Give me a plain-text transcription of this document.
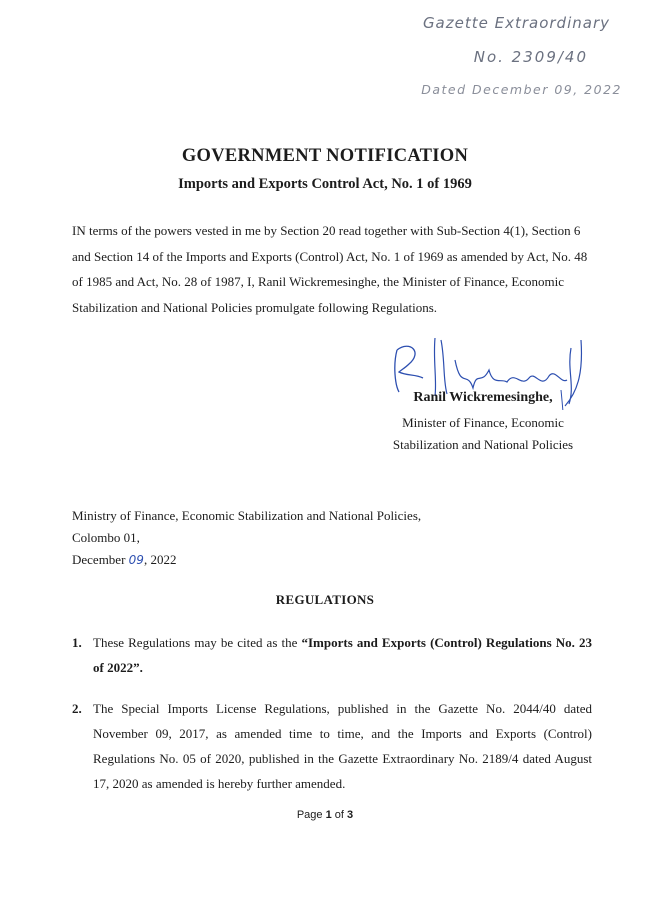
Gazette Extraordinary
No. 2309/40
Dated December 09, 2022
GOVERNMENT NOTIFICATION
Imports and Exports Control Act, No. 1 of 1969

IN terms of the powers vested in me by Section 20 read together with Sub-Section 4(1), Section 6 and Section 14 of the Imports and Exports (Control) Act, No. 1 of 1969 as amended by Act, No. 48 of 1985 and Act, No. 28 of 1987, I, Ranil Wickremesinghe, the Minister of Finance, Economic Stabilization and National Policies promulgate following Regulations.

Ranil Wickremesinghe,
Minister of Finance, Economic
Stabilization and National Policies
Ministry of Finance, Economic Stabilization and National Policies,
Colombo 01,
December 09, 2022
REGULATIONS
1. These Regulations may be cited as the “Imports and Exports (Control) Regulations No. 23 of 2022”.
2. The Special Imports License Regulations, published in the Gazette No. 2044/40 dated November 09, 2017, as amended time to time, and the Imports and Exports (Control) Regulations No. 05 of 2020, published in the Gazette Extraordinary No. 2189/4 dated August 17, 2020 as amended is hereby further amended.
Page 1 of 3
